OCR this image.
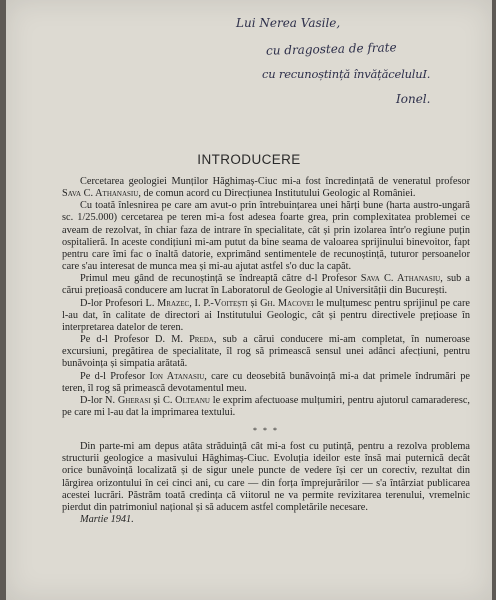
Lui Nerea Vasile,
cu dragostea de frate
cu recunoștință învățăceluluI.
Ionel.
INTRODUCERE

Cercetarea geologiei Munților Hăghimaș-Ciuc mi-a fost încredințată de veneratul profesor Sava C. Athanasiu, de comun acord cu Direcțiunea Institutului Geologic al României.

Cu toată înlesnirea pe care am avut-o prin întrebuințarea unei hărți bune (harta austro-ungară sc. 1/25.000) cercetarea pe teren mi-a fost adesea foarte grea, prin complexitatea problemei ce aveam de rezolvat, în chiar faza de intrare în specialitate, cât și prin izolarea într'o regiune puțin ospitalieră. In aceste condițiuni mi-am putut da bine seama de valoarea sprijinului binevoitor, fapt pentru care îmi fac o înaltă datorie, exprimând sentimentele de recunoștință, tuturor persoanelor care s'au interesat de munca mea și mi-au ajutat astfel s'o duc la capăt.

Primul meu gând de recunoștință se îndreaptă către d-l Profesor Sava C. Athanasiu, sub a cărui prețioasă conducere am lucrat în Laboratorul de Geologie al Universității din București.

D-lor Profesori L. Mrazec, I. P.-Voitești și Gh. Macovei le mulțumesc pentru sprijinul pe care l-au dat, în calitate de directori ai Institutului Geologic, cât și pentru directivele prețioase în interpretarea datelor de teren.

Pe d-l Profesor D. M. Preda, sub a cărui conducere mi-am completat, în numeroase excursiuni, pregătirea de specialitate, îl rog să primească sensul unei adânci afecțiuni, pentru bunăvoința și simpatia arătată.

Pe d-l Profesor Ion Atanasiu, care cu deosebită bunăvoință mi-a dat primele îndrumări pe teren, îl rog să primească devotamentul meu.

D-lor N. Gherasi și C. Olteanu le exprim afectuoase mulțumiri, pentru ajutorul camaraderesc, pe care mi l-au dat la imprimarea textului.

* * *

Din parte-mi am depus atâta străduință cât mi-a fost cu putință, pentru a rezolva problema structurii geologice a masivului Hăghimaș-Ciuc. Evoluția ideilor este însă mai puternică decât orice bunăvoință localizată și de sigur unele puncte de vedere își cer un corectiv, rezultat din lărgirea orizontului în cei cinci ani, cu care — din forța împrejurărilor — s'a întârziat publicarea acestei lucrări. Păstrăm toată credința că viitorul ne va permite revizitarea terenului, vremelnic pierdut din patrimoniul național și să aducem astfel completările necesare.

Martie 1941.
